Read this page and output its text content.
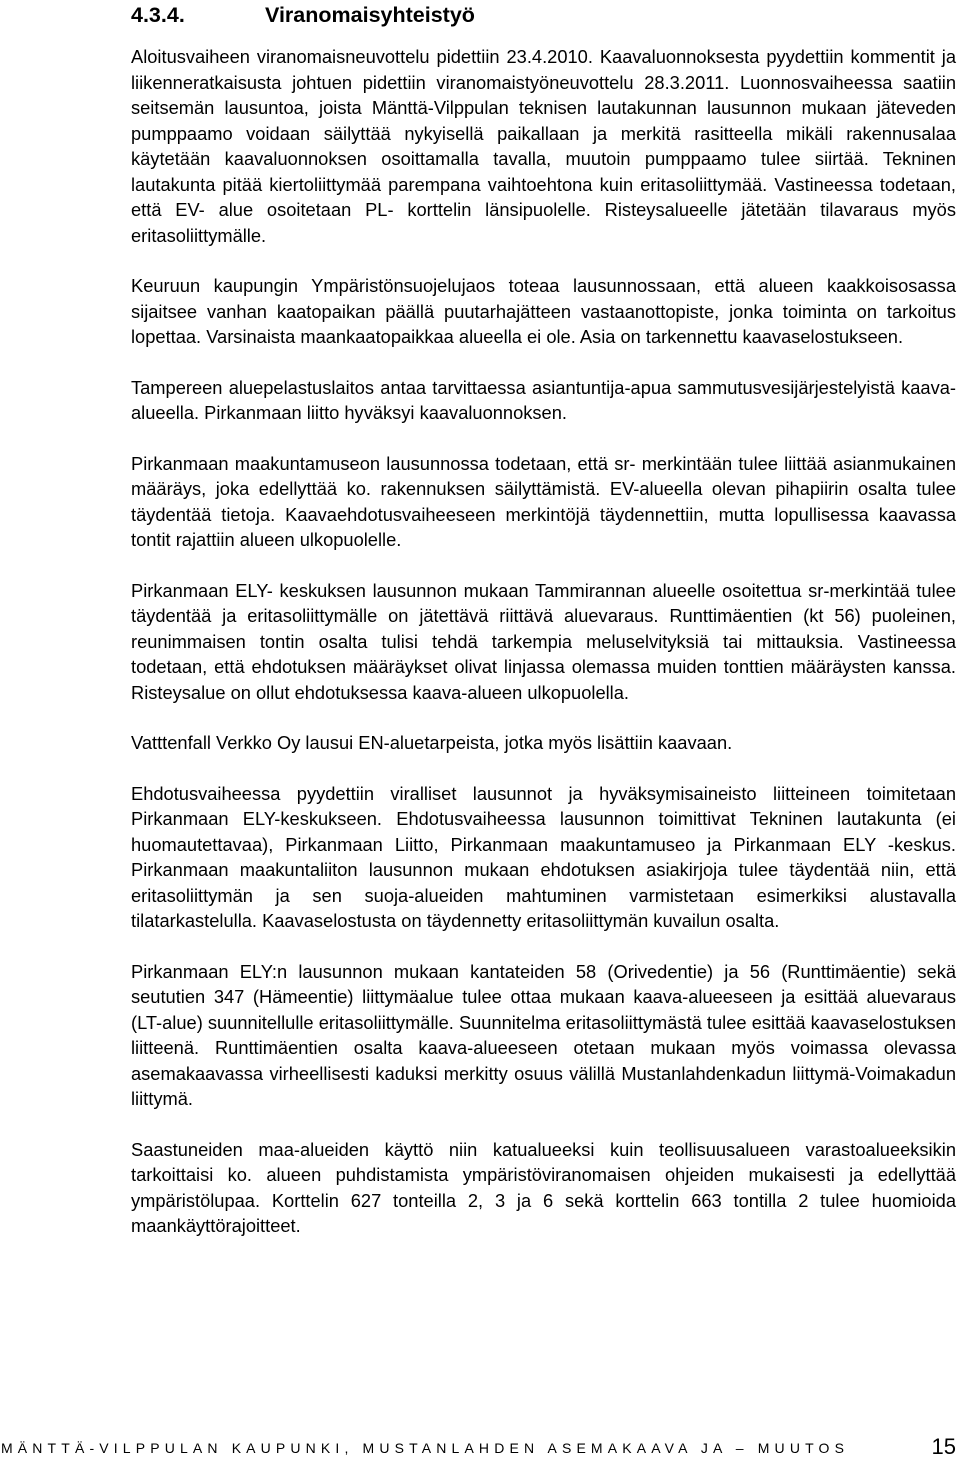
4.3.4.	Viranomaisyhteistyö

Aloitusvaiheen viranomaisneuvottelu pidettiin 23.4.2010. Kaavaluonnoksesta pyydettiin kommentit ja liikenneratkaisusta johtuen pidettiin viranomaistyöneuvottelu 28.3.2011. Luonnosvaiheessa saatiin seitsemän lausuntoa, joista Mänttä-Vilppulan teknisen lautakunnan lausunnon mukaan jäteveden pumppaamo voidaan säilyttää nykyisellä paikallaan ja merkitä rasitteella mikäli rakennusalaa käytetään kaavaluonnoksen osoittamalla tavalla, muutoin pumppaamo tulee siirtää. Tekninen lautakunta pitää kiertoliittymää parempana vaihtoehtona kuin eritasoliittymää. Vastineessa todetaan, että EV- alue osoitetaan PL- korttelin länsipuolelle. Risteysalueelle jätetään tilavaraus myös eritasoliittymälle.

Keuruun kaupungin Ympäristönsuojelujaos toteaa lausunnossaan, että alueen kaakkoisosassa sijaitsee vanhan kaatopaikan päällä puutarhajätteen vastaanottopiste, jonka toiminta on tarkoitus lopettaa. Varsinaista maankaatopaikkaa alueella ei ole. Asia on tarkennettu kaavaselostukseen.

Tampereen aluepelastuslaitos antaa tarvittaessa asiantuntija-apua sammutusvesijärjestelyistä kaava-alueella. Pirkanmaan liitto hyväksyi kaavaluonnoksen.

Pirkanmaan maakuntamuseon lausunnossa todetaan, että sr- merkintään tulee liittää asianmukainen määräys, joka edellyttää ko. rakennuksen säilyttämistä. EV-alueella olevan pihapiirin osalta tulee täydentää tietoja. Kaavaehdotusvaiheeseen merkintöjä täydennettiin, mutta lopullisessa kaavassa tontit rajattiin alueen ulkopuolelle.

Pirkanmaan ELY- keskuksen lausunnon mukaan Tammirannan alueelle osoitettua sr-merkintää tulee täydentää ja eritasoliittymälle on jätettävä riittävä aluevaraus. Runttimäentien (kt 56) puoleinen, reunimmaisen tontin osalta tulisi tehdä tarkempia meluselvityksiä tai mittauksia. Vastineessa todetaan, että ehdotuksen määräykset olivat linjassa olemassa muiden tonttien määräysten kanssa. Risteysalue on ollut ehdotuksessa kaava-alueen ulkopuolella.

Vatttenfall Verkko Oy lausui EN-aluetarpeista, jotka myös lisättiin kaavaan.

Ehdotusvaiheessa pyydettiin viralliset lausunnot ja hyväksymisaineisto liitteineen toimitetaan Pirkanmaan ELY-keskukseen. Ehdotusvaiheessa lausunnon toimittivat Tekninen lautakunta (ei huomautettavaa), Pirkanmaan Liitto, Pirkanmaan maakuntamuseo ja Pirkanmaan ELY -keskus. Pirkanmaan maakuntaliiton lausunnon mukaan ehdotuksen asiakirjoja tulee täydentää niin, että eritasoliittymän ja sen suoja-alueiden mahtuminen varmistetaan esimerkiksi alustavalla tilatarkastelulla. Kaavaselostusta on täydennetty eritasoliittymän kuvailun osalta.

Pirkanmaan ELY:n lausunnon mukaan kantateiden 58 (Orivedentie) ja 56 (Runttimäentie) sekä seututien 347 (Hämeentie) liittymäalue tulee ottaa mukaan kaava-alueeseen ja esittää aluevaraus (LT-alue) suunnitellulle eritasoliittymälle. Suunnitelma eritasoliittymästä tulee esittää kaavaselostuksen liitteenä. Runttimäentien osalta kaava-alueeseen otetaan mukaan myös voimassa olevassa asemakaavassa virheellisesti kaduksi merkitty osuus välillä Mustanlahdenkadun liittymä-Voimakadun liittymä.

Saastuneiden maa-alueiden käyttö niin katualueeksi kuin teollisuusalueen varastoalueeksikin tarkoittaisi ko. alueen puhdistamista ympäristöviranomaisen ohjeiden mukaisesti ja edellyttää ympäristölupaa. Korttelin 627 tonteilla 2, 3 ja 6 sekä korttelin 663 tontilla 2 tulee huomioida maankäyttörajoitteet.

MÄNTTÄ-VILPPULAN KAUPUNKI, MUSTANLAHDEN ASEMAKAAVA JA – MUUTOS	15
